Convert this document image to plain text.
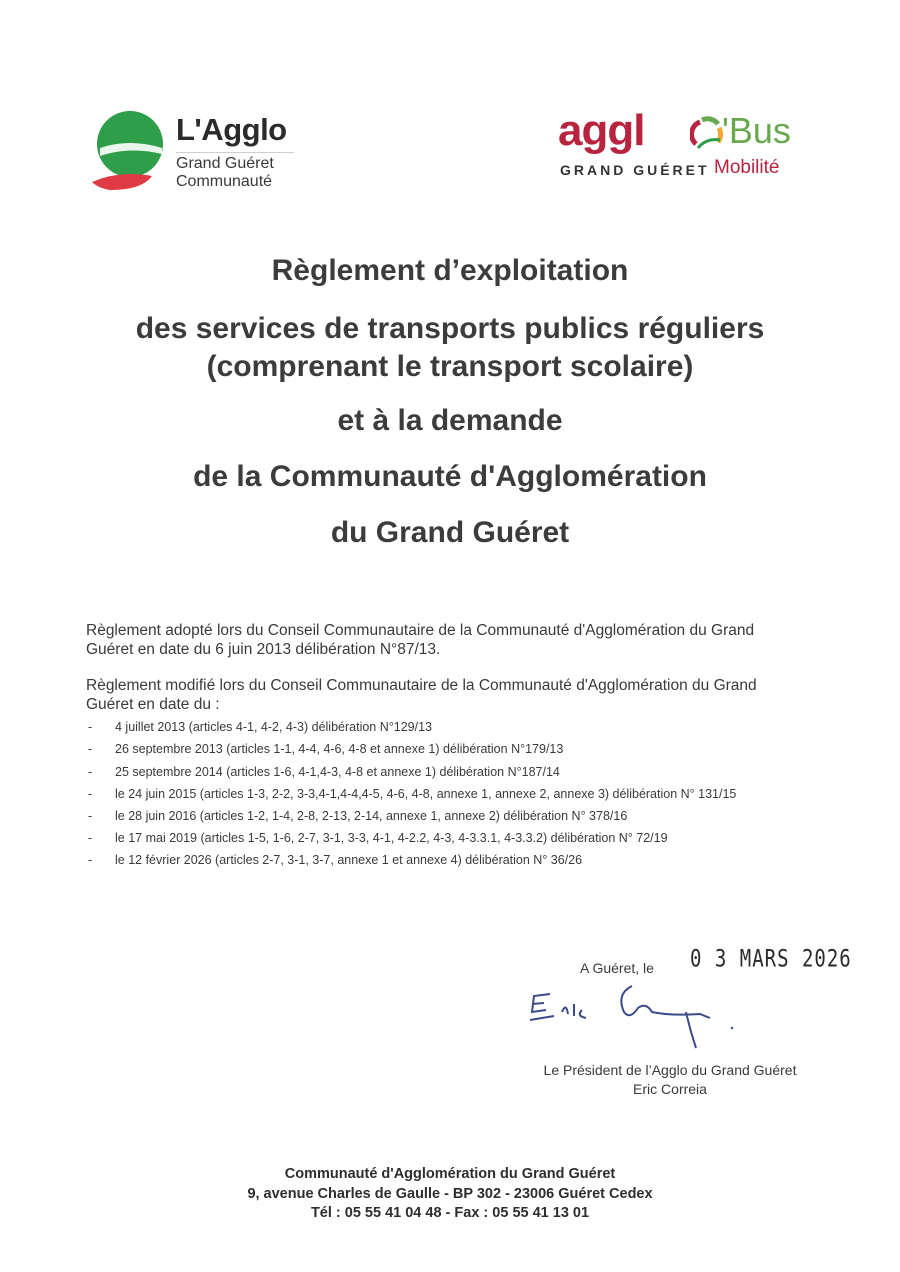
L'Agglo
Grand Guéret
Communauté
aggl 'Bus
GRAND GUÉRET Mobilité
Règlement d’exploitation
des services de transports publics réguliers
(comprenant le transport scolaire)
et à la demande
de la Communauté d'Agglomération
du Grand Guéret
Règlement adopté lors du Conseil Communautaire de la Communauté d'Agglomération du Grand
Guéret en date du 6 juin 2013 délibération N°87/13.
Règlement modifié lors du Conseil Communautaire de la Communauté d'Agglomération du Grand
Guéret en date du :
- 4 juillet 2013 (articles 4-1, 4-2, 4-3) délibération N°129/13
- 26 septembre 2013 (articles 1-1, 4-4, 4-6, 4-8 et annexe 1) délibération N°179/13
- 25 septembre 2014 (articles 1-6, 4-1,4-3, 4-8 et annexe 1) délibération N°187/14
- le 24 juin 2015 (articles 1-3, 2-2, 3-3,4-1,4-4,4-5, 4-6, 4-8, annexe 1, annexe 2, annexe 3) délibération N° 131/15
- le 28 juin 2016 (articles 1-2, 1-4, 2-8, 2-13, 2-14, annexe 1, annexe 2) délibération N° 378/16
- le 17 mai 2019 (articles 1-5, 1-6, 2-7, 3-1, 3-3, 4-1, 4-2.2, 4-3, 4-3.3.1, 4-3.3.2) délibération N° 72/19
- le 12 février 2026 (articles 2-7, 3-1, 3-7, annexe 1 et annexe 4) délibération N° 36/26
A Guéret, le 0 3 MARS 2026
Le Président de l’Agglo du Grand Guéret
Eric Correia
Communauté d'Agglomération du Grand Guéret
9, avenue Charles de Gaulle - BP 302 - 23006 Guéret Cedex
Tél : 05 55 41 04 48 - Fax : 05 55 41 13 01
